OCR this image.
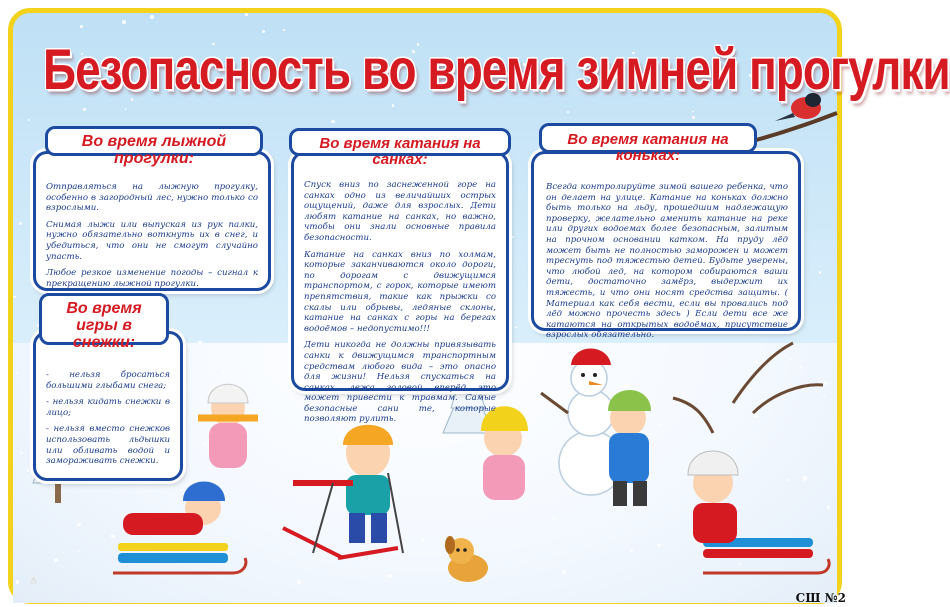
Безопасность во время зимней прогулки

Отправляться на лыжную прогулку, особенно в загородный лес, нужно только со взрослыми.

Снимая лыжи или выпуская из рук палки, нужно обязательно воткнуть их в снег, и убедиться, что они не смогут случайно упасть.

Любое резкое изменение погоды – сигнал к прекращению лыжной прогулки.

Во время лыжной прогулки:

- нельзя бросаться большими глыбами снега;

- нельзя кидать снежки в лицо;

- нельзя вместо снежков использовать льдышки или обливать водой и замораживать снежки.

Во время игры в снежки:

Спуск вниз по заснеженной горе на санках одно из величайших острых ощущений, даже для взрослых. Дети любят катание на санках, но важно, чтобы они знали основные правила безопасности.

Катание на санках вниз по холмам, которые заканчиваются около дороги, по дорогам с движущимся транспортом, с горок, которые имеют препятствия, такие как прыжки со скалы или обрывы, ледяные склоны, катание на санках с горы на берегах водоёмов – недопустимо!!!

Дети никогда не должны привязывать санки к движущимся транспортным средствам любого вида – это опасно для жизни! Нельзя спускаться на санках, лежа головой вперёд это может привести к травмам. Самые безопасные сани те, которые позволяют рулить.

Во время катания на санках:

Всегда контролируйте зимой вашего ребенка, что он делает на улице. Катание на коньках должно быть только на льду, прошедшим надлежащую проверку, желательно аменить катание на реке или других водоемах более безопасным, залитым на прочном основании катком. На пруду лёд может быть не полностью заморожен и может треснуть под тяжестью детей. Будьте уверены, что любой лед, на котором собираются ваши дети, достаточно замёрз, выдержит их тяжесть, и что они носят средства защиты. ( Материал как себя вести, если вы провались под лёд можно прочесть здесь ) Если дети все же катаются на открытых водоёмах, присутствие взрослых обязательно.

Во время катания на коньках:
☃
СШ №2
